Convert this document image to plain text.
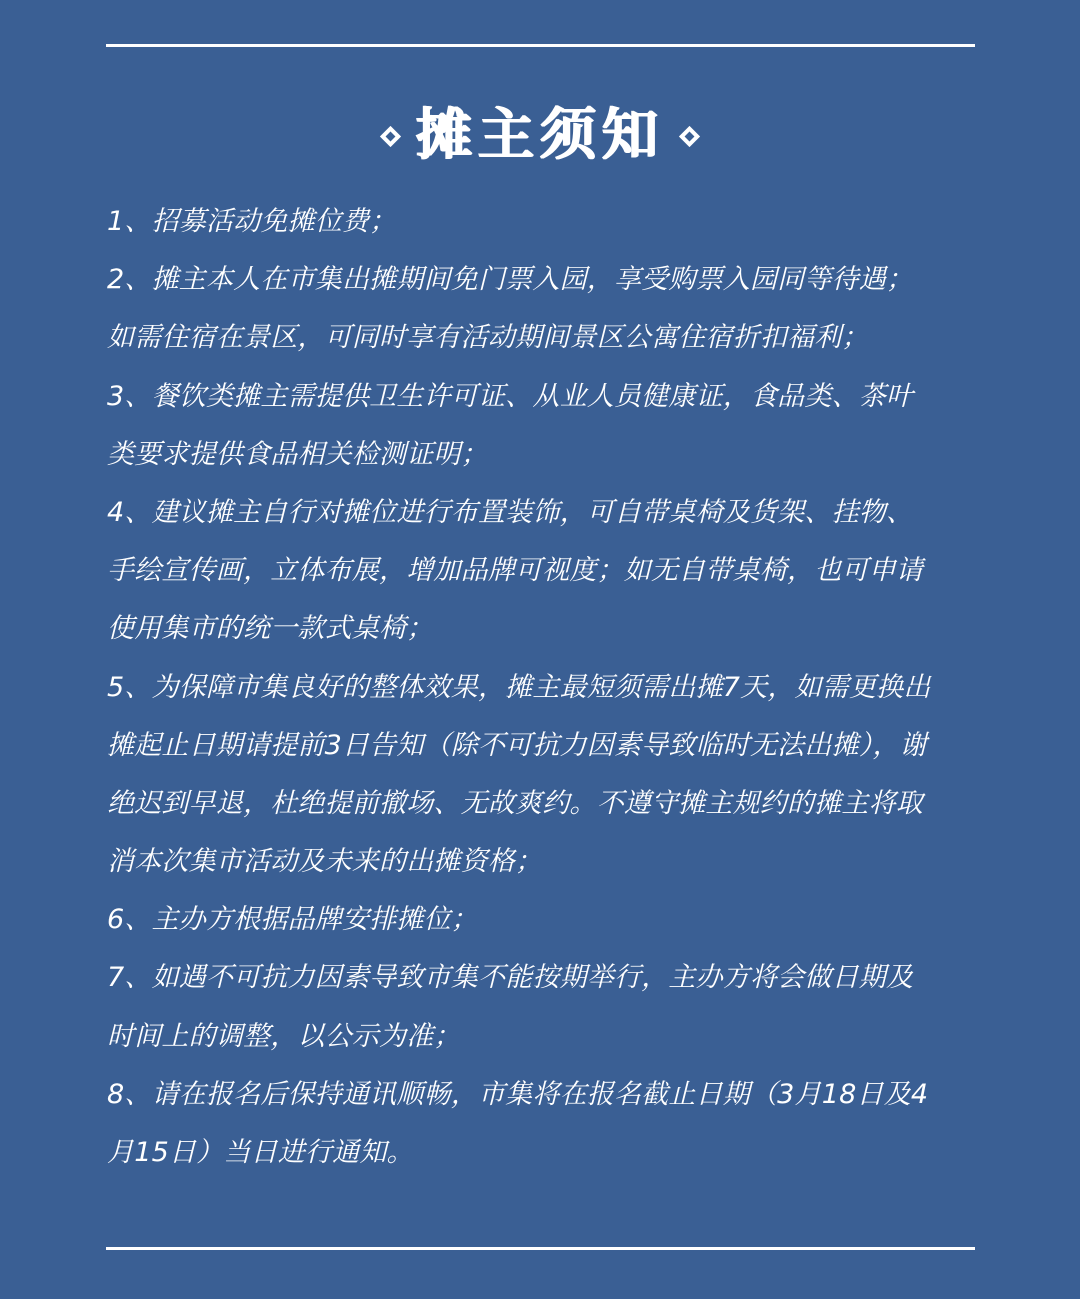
摊主须知
1、招募活动免摊位费；
2、摊主本人在市集出摊期间免门票入园，享受购票入园同等待遇；
如需住宿在景区，可同时享有活动期间景区公寓住宿折扣福利；
3、餐饮类摊主需提供卫生许可证、从业人员健康证，食品类、茶叶
类要求提供食品相关检测证明；
4、建议摊主自行对摊位进行布置装饰，可自带桌椅及货架、挂物、
手绘宣传画，立体布展，增加品牌可视度；如无自带桌椅，也可申请
使用集市的统一款式桌椅；
5、为保障市集良好的整体效果，摊主最短须需出摊7天，如需更换出
摊起止日期请提前3日告知（除不可抗力因素导致临时无法出摊），谢
绝迟到早退，杜绝提前撤场、无故爽约。不遵守摊主规约的摊主将取
消本次集市活动及未来的出摊资格；
6、主办方根据品牌安排摊位；
7、如遇不可抗力因素导致市集不能按期举行，主办方将会做日期及
时间上的调整，以公示为准；
8、请在报名后保持通讯顺畅，市集将在报名截止日期（3月18日及4
月15日）当日进行通知。
